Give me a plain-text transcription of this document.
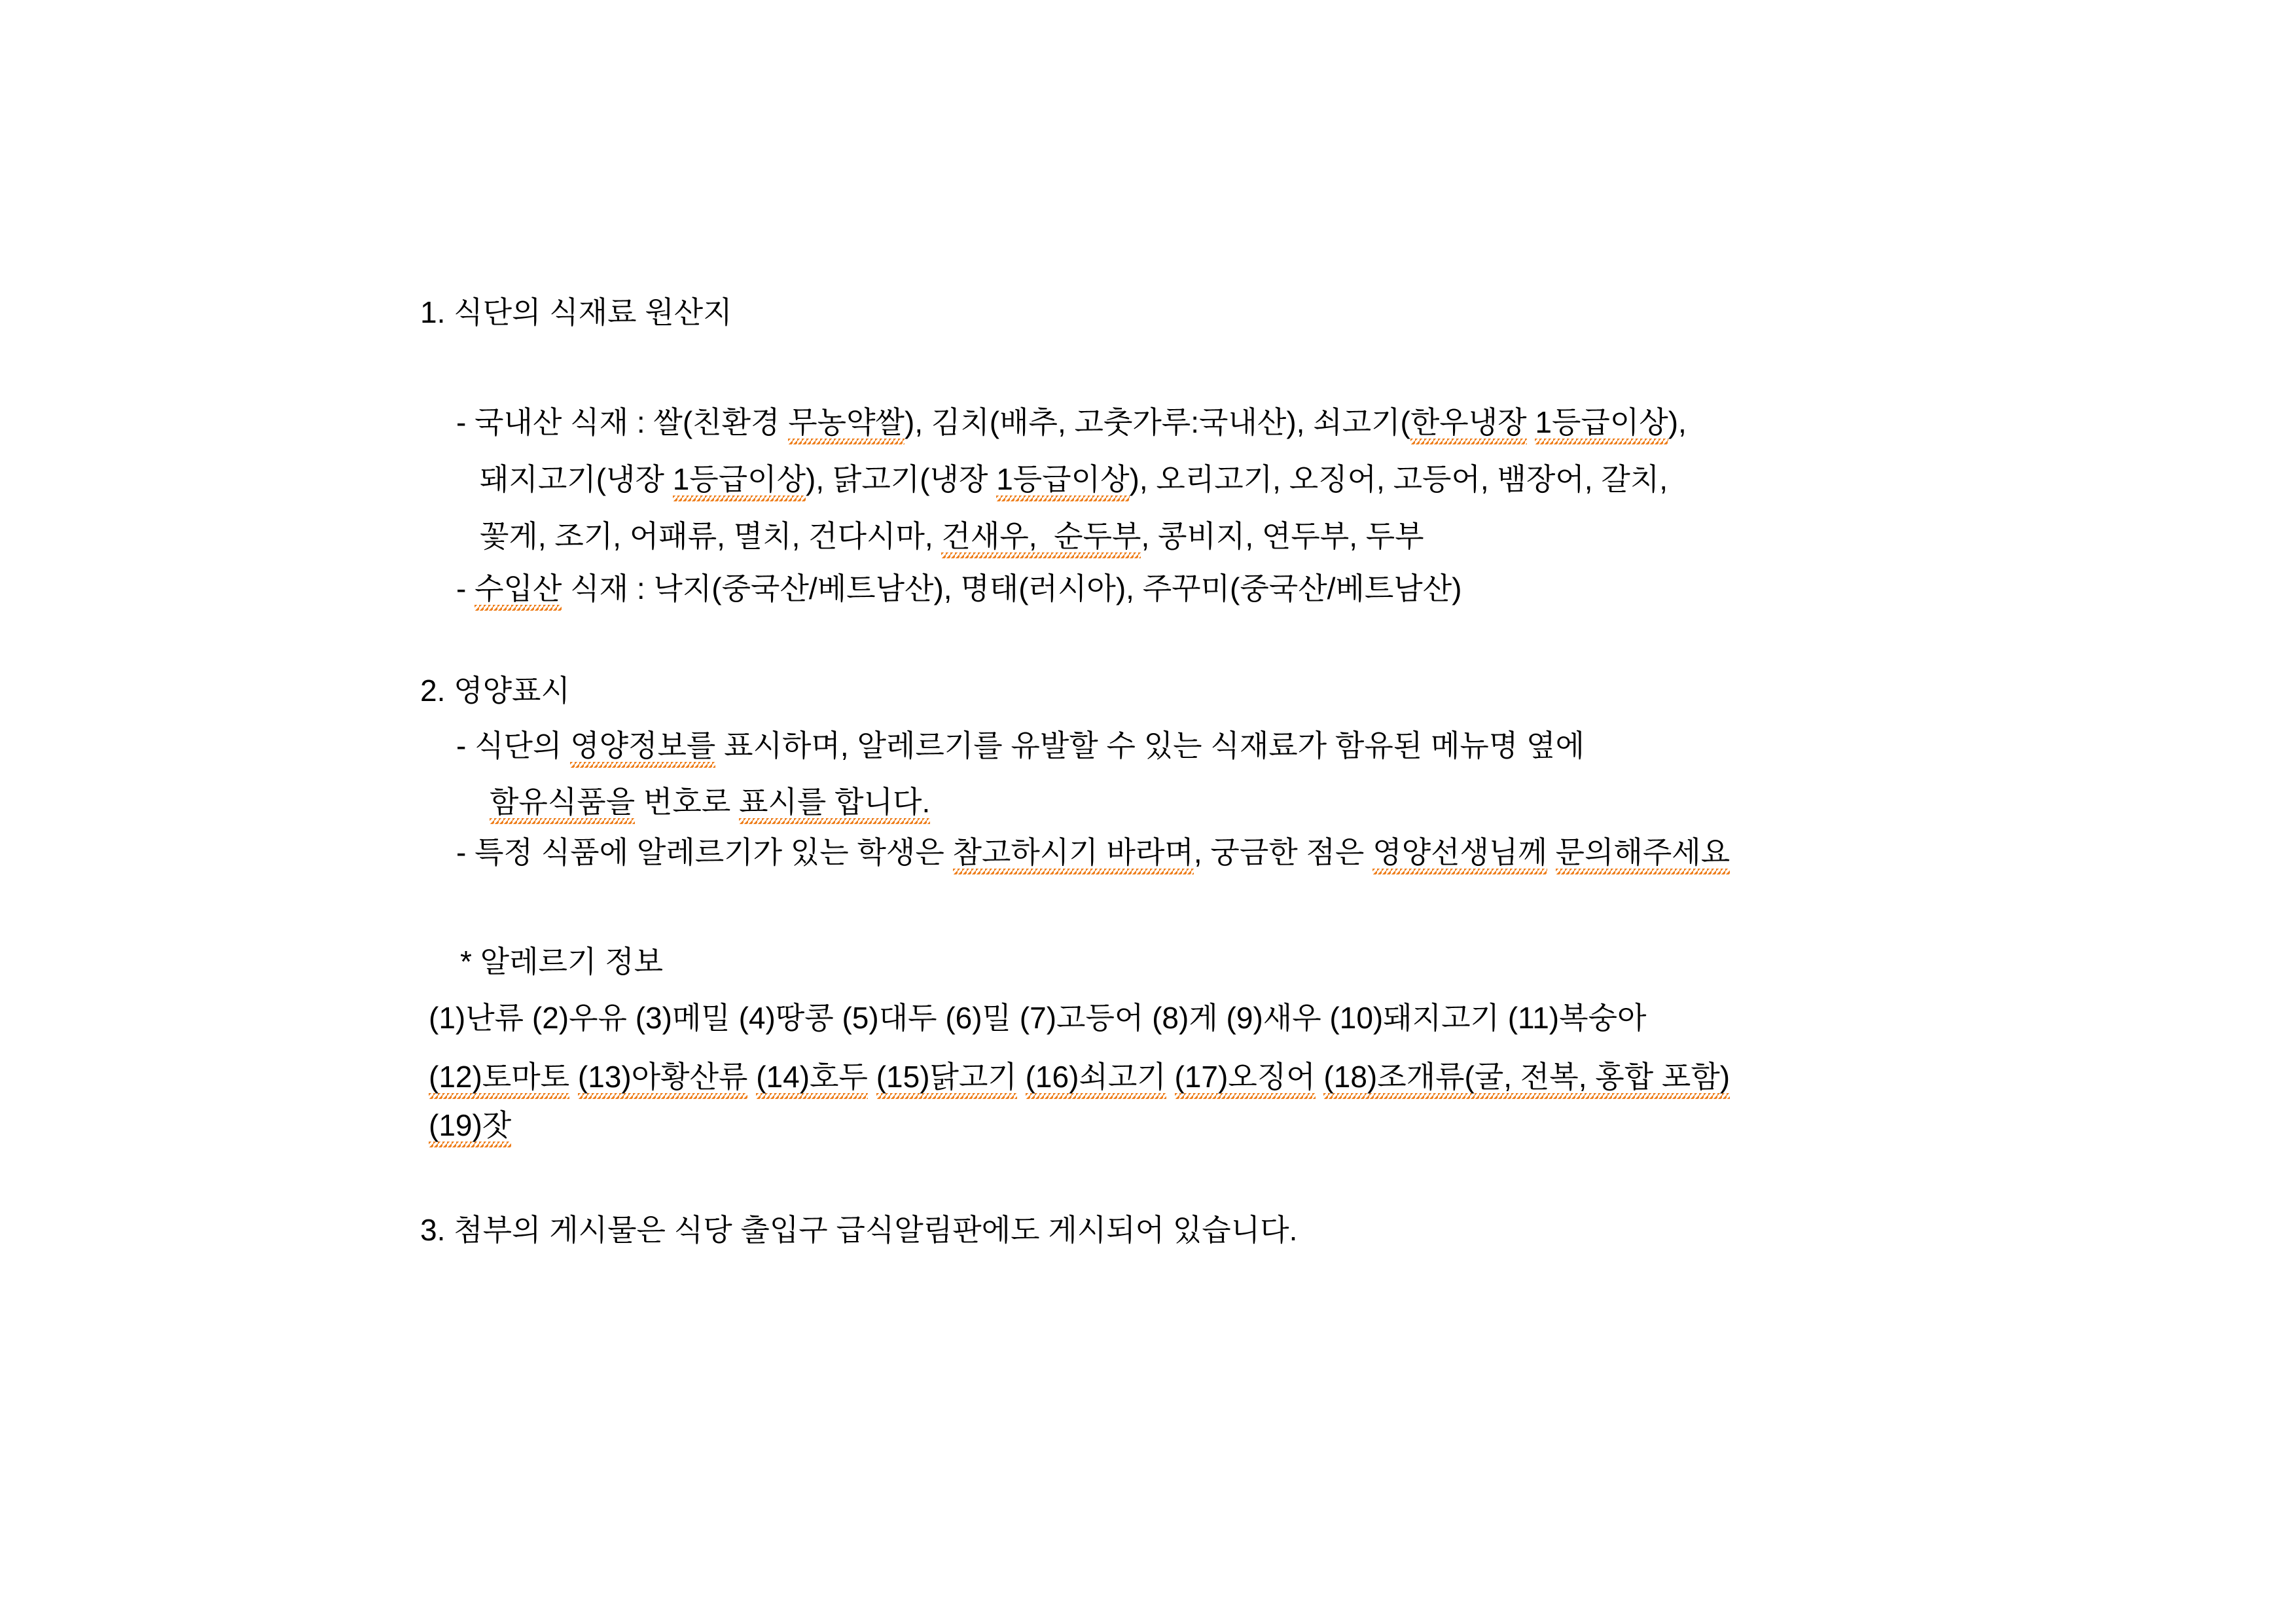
1. 식단의 식재료 원산지

- 국내산 식재 : 쌀(친환경 무농약쌀), 김치(배추, 고춧가루:국내산), 쇠고기(한우냉장 1등급이상),

돼지고기(냉장 1등급이상), 닭고기(냉장 1등급이상), 오리고기, 오징어, 고등어, 뱀장어, 갈치,

꽃게, 조기, 어패류, 멸치, 건다시마, 건새우,  순두부, 콩비지, 연두부, 두부

- 수입산 식재 : 낙지(중국산/베트남산), 명태(러시아), 주꾸미(중국산/베트남산)

2. 영양표시

- 식단의 영양정보를 표시하며, 알레르기를 유발할 수 있는 식재료가 함유된 메뉴명 옆에

함유식품을 번호로 표시를 합니다.

- 특정 식품에 알레르기가 있는 학생은 참고하시기 바라며, 궁금한 점은 영양선생님께 문의해주세요

* 알레르기 정보

(1)난류 (2)우유 (3)메밀 (4)땅콩 (5)대두 (6)밀 (7)고등어 (8)게 (9)새우 (10)돼지고기 (11)복숭아

(12)토마토 (13)아황산류 (14)호두 (15)닭고기 (16)쇠고기 (17)오징어 (18)조개류(굴, 전복, 홍합 포함)

(19)잣

3. 첨부의 게시물은 식당 출입구 급식알림판에도 게시되어 있습니다.
